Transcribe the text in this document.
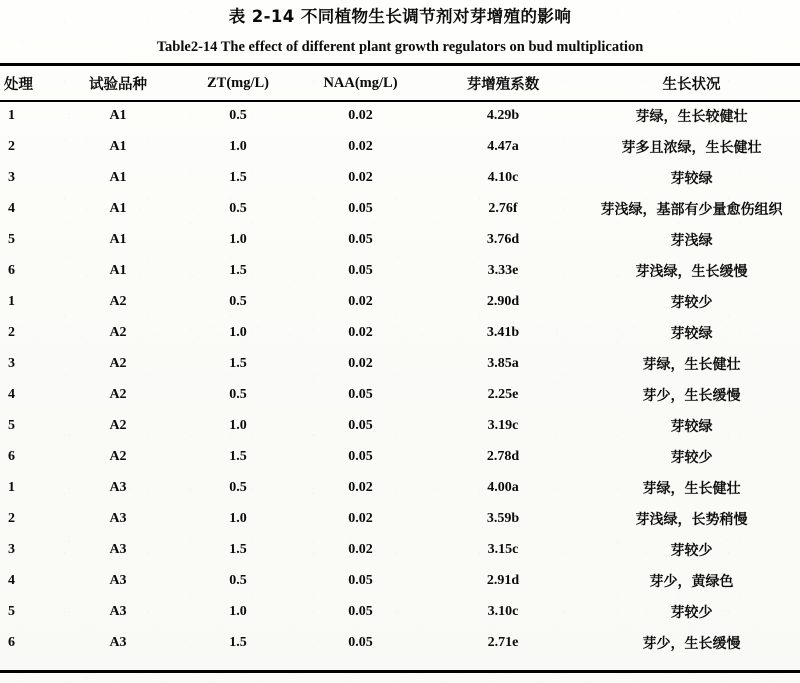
表 2-14 不同植物生长调节剂对芽增殖的影响
Table2-14 The effect of different plant growth regulators on bud multiplication
处理	试验品种	ZT(mg/L)	NAA(mg/L)	芽增殖系数	生长状况
1	A1	0.5	0.02	4.29b	芽绿，生长较健壮
2	A1	1.0	0.02	4.47a	芽多且浓绿，生长健壮
3	A1	1.5	0.02	4.10c	芽较绿
4	A1	0.5	0.05	2.76f	芽浅绿，基部有少量愈伤组织

5	A1	1.0	0.05	3.76d	芽浅绿
6	A1	1.5	0.05	3.33e	芽浅绿，生长缓慢
1	A2	0.5	0.02	2.90d	芽较少
2	A2	1.0	0.02	3.41b	芽较绿
3	A2	1.5	0.02	3.85a	芽绿，生长健壮
4	A2	0.5	0.05	2.25e	芽少，生长缓慢
5	A2	1.0	0.05	3.19c	芽较绿
6	A2	1.5	0.05	2.78d	芽较少
1	A3	0.5	0.02	4.00a	芽绿，生长健壮
2	A3	1.0	0.02	3.59b	芽浅绿，长势稍慢
3	A3	1.5	0.02	3.15c	芽较少
4	A3	0.5	0.05	2.91d	芽少，黄绿色
5	A3	1.0	0.05	3.10c	芽较少
6	A3	1.5	0.05	2.71e	芽少，生长缓慢
